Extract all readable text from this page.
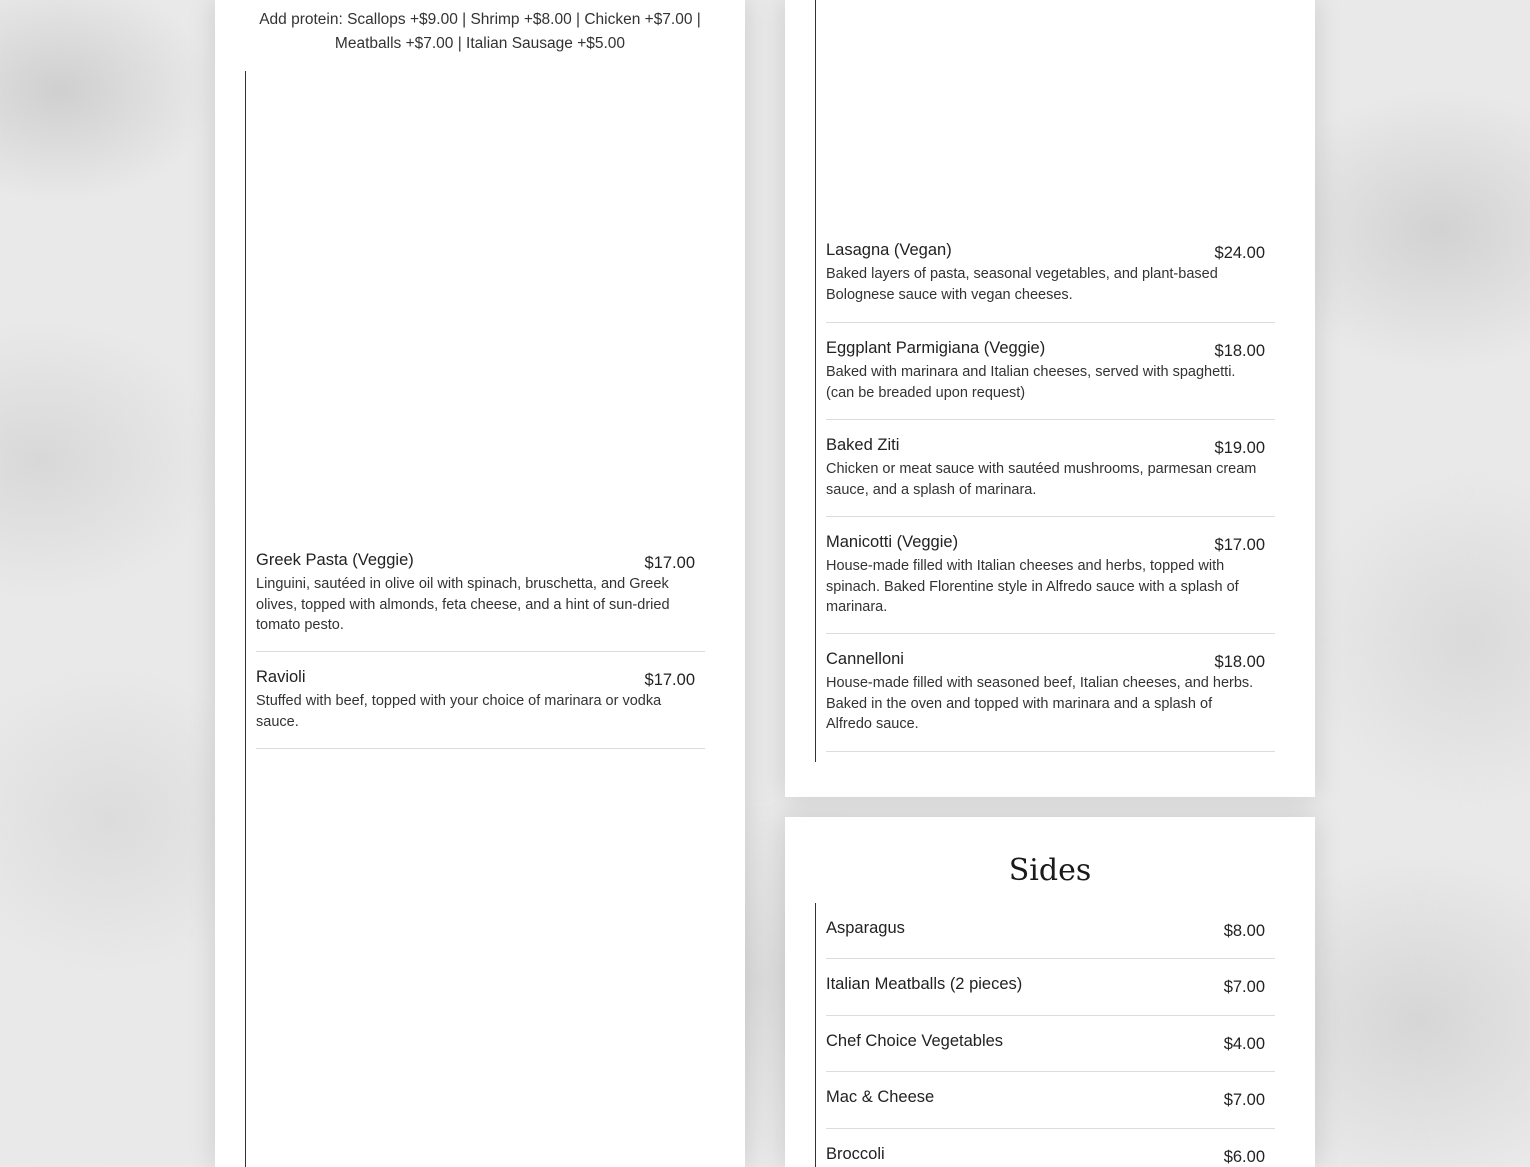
Add protein: Scallops +$9.00 | Shrimp +$8.00 | Chicken +$7.00 | Meatballs +$7.00 | Italian Sausage +$5.00
Greek Pasta (Veggie)	$17.00
Linguini, sautéed in olive oil with spinach, bruschetta, and Greek olives, topped with almonds, feta cheese, and a hint of sun-dried tomato pesto.
Ravioli	$17.00
Stuffed with beef, topped with your choice of marinara or vodka sauce.
Lasagna (Vegan)	$24.00
Baked layers of pasta, seasonal vegetables, and plant-based Bolognese sauce with vegan cheeses.
Eggplant Parmigiana (Veggie)	$18.00
Baked with marinara and Italian cheeses, served with spaghetti. (can be breaded upon request)
Baked Ziti	$19.00
Chicken or meat sauce with sautéed mushrooms, parmesan cream sauce, and a splash of marinara.
Manicotti (Veggie)	$17.00
House-made filled with Italian cheeses and herbs, topped with spinach. Baked Florentine style in Alfredo sauce with a splash of marinara.
Cannelloni	$18.00
House-made filled with seasoned beef, Italian cheeses, and herbs. Baked in the oven and topped with marinara and a splash of Alfredo sauce.
Sides
Asparagus	$8.00
Italian Meatballs (2 pieces)	$7.00
Chef Choice Vegetables	$4.00
Mac & Cheese	$7.00
Broccoli	$6.00
